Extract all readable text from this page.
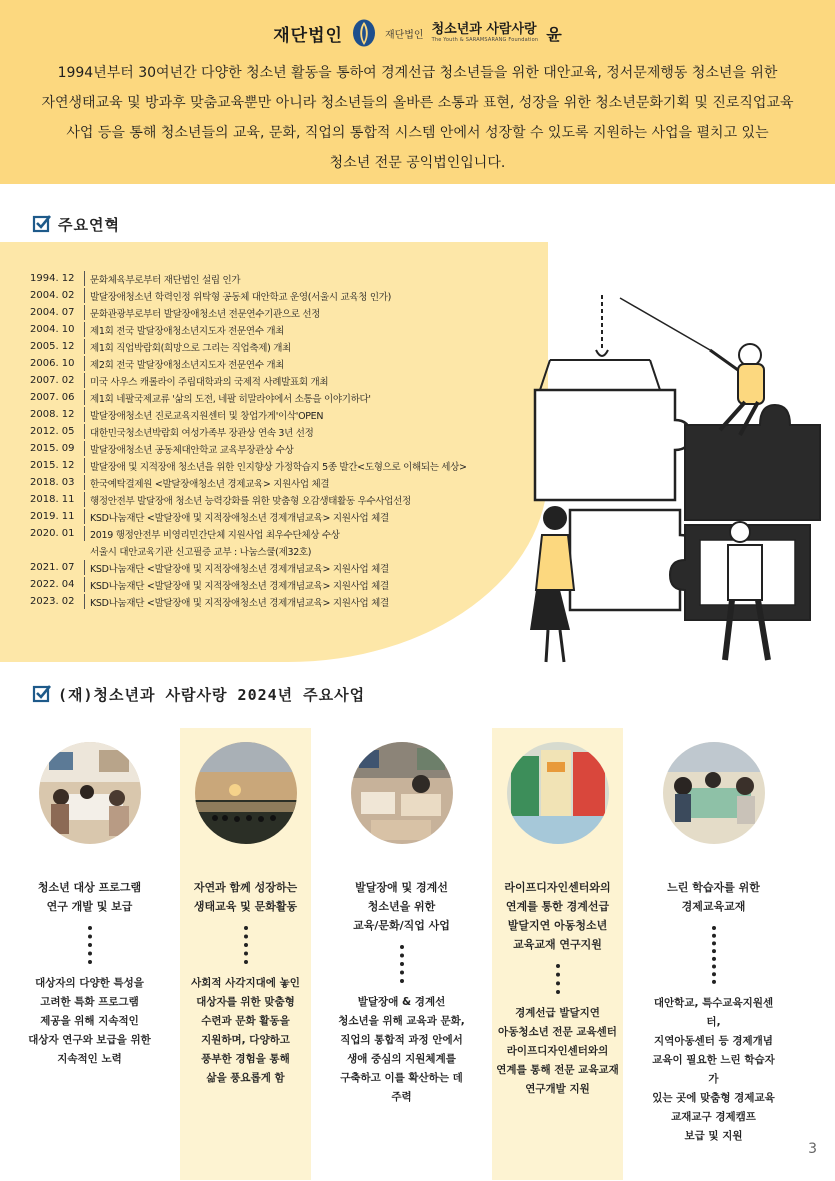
재단법인	재단법인 청소년과 사람사랑
The Youth & SARAMSARANG Foundation 윤
1994년부터 30여년간 다양한 청소년 활동을 통하여 경계선급 청소년들을 위한 대안교육, 정서문제행동 청소년을 위한
자연생태교육 및 방과후 맞춤교육뿐만 아니라 청소년들의 올바른 소통과 표현, 성장을 위한 청소년문화기획 및 진로직업교육
사업 등을 통해 청소년들의 교육, 문화, 직업의 통합적 시스템 안에서 성장할 수 있도록 지원하는 사업을 펼치고 있는
청소년 전문 공익법인입니다.
주요연혁
1994. 12	문화체육부로부터 재단법인 설립 인가
2004. 02	발달장애청소년 학력인정 위탁형 공동체 대안학교 운영(서울시 교육청 인가)
2004. 07	문화관광부로부터 발달장애청소년 전문연수기관으로 선정
2004. 10	제1회 전국 발달장애청소년지도자 전문연수 개최
2005. 12	제1회 직업박람회(희망으로 그리는 직업축제) 개최
2006. 10	제2회 전국 발달장애청소년지도자 전문연수 개최
2007. 02	미국 사우스 캐롤라이 주립대학과의 국제적 사례발표회 개최
2007. 06	제1회 네팔국제교류 '삶의 도전, 네팔 히말라야에서 소통을 이야기하다'
2008. 12	발달장애청소년 진로교육지원센터 및 창업가게'이삭'OPEN
2012. 05	대한민국청소년박람회 여성가족부 장관상 연속 3년 선정
2015. 09	발달장애청소년 공동체대안학교 교육부장관상 수상
2015. 12	발달장애 및 지적장애 청소년을 위한 인지향상 가정학습지 5종 발간<도형으로 이해되는 세상>
2018. 03	한국예탁결제원 <발달장애청소년 경제교육> 지원사업 체결
2018. 11	행정안전부 발달장애 청소년 능력강화를 위한 맞춤형 오감생태활동 우수사업선정
2019. 11	KSD나눔재단 <발달장애 및 지적장애청소년 경제개념교육> 지원사업 체결
2020. 01	2019 행정안전부 비영리민간단체 지원사업 최우수단체상 수상
서울시 대안교육기관 신고필증 교부 : 나눔스쿨(제32호)
2021. 07	KSD나눔재단 <발달장애 및 지적장애청소년 경제개념교육> 지원사업 체결
2022. 04	KSD나눔재단 <발달장애 및 지적장애청소년 경제개념교육> 지원사업 체결
2023. 02	KSD나눔재단 <발달장애 및 지적장애청소년 경제개념교육> 지원사업 체결
(재)청소년과 사람사랑 2024년 주요사업
청소년 대상 프로그램
연구 개발 및 보급
대상자의 다양한 특성을
고려한 특화 프로그램
제공을 위해 지속적인
대상자 연구와 보급을 위한
지속적인 노력
자연과 함께 성장하는
생태교육 및 문화활동
사회적 사각지대에 놓인
대상자를 위한 맞춤형
수련과 문화 활동을
지원하며, 다양하고
풍부한 경험을 통해
삶을 풍요롭게 함
발달장애 및 경계선
청소년을 위한
교육/문화/직업 사업
발달장애 & 경계선
청소년을 위해 교육과 문화,
직업의 통합적 과정 안에서
생애 중심의 지원체계를
구축하고 이를 확산하는 데
주력
라이프디자인센터와의
연계를 통한 경계선급
발달지연 아동청소년
교육교재 연구지원
경계선급 발달지연
아동청소년 전문 교육센터
라이프디자인센터와의
연계를 통해 전문 교육교재
연구개발 지원
느린 학습자를 위한
경제교육교재
대안학교, 특수교육지원센터,
지역아동센터 등 경제개념
교육이 필요한 느린 학습자가
있는 곳에 맞춤형 경제교육
교재교구 경제캠프
보급 및 지원
3
